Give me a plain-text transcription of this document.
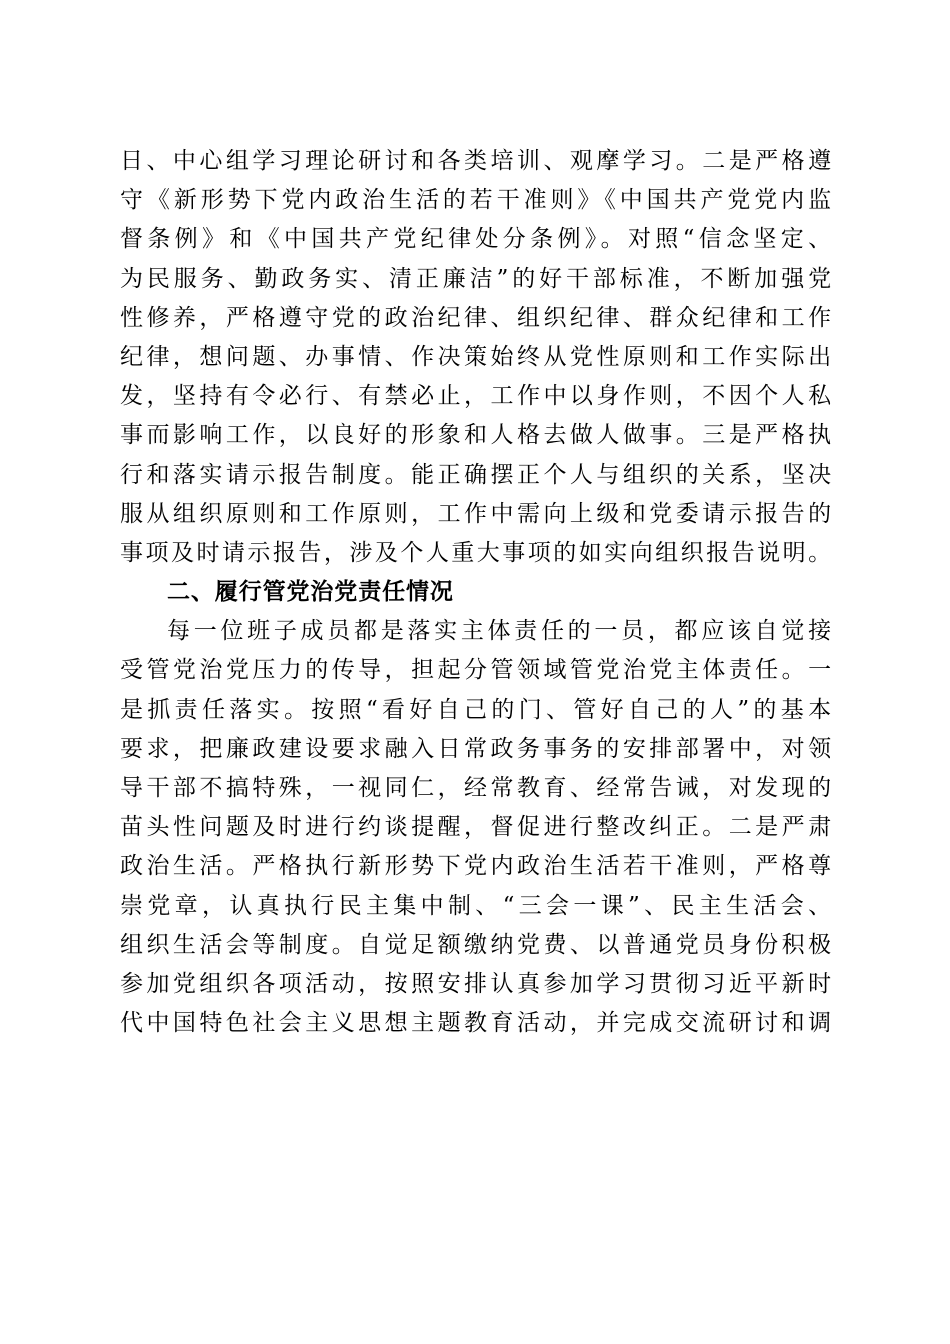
日、中心组学习理论研讨和各类培训、观摩学习。二是严格遵
守《新形势下党内政治生活的若干准则》《中国共产党党内监
督条例》和《中国共产党纪律处分条例》。对照“信念坚定、
为民服务、勤政务实、清正廉洁”的好干部标准，不断加强党
性修养，严格遵守党的政治纪律、组织纪律、群众纪律和工作
纪律，想问题、办事情、作决策始终从党性原则和工作实际出
发，坚持有令必行、有禁必止，工作中以身作则，不因个人私
事而影响工作，以良好的形象和人格去做人做事。三是严格执
行和落实请示报告制度。能正确摆正个人与组织的关系，坚决
服从组织原则和工作原则，工作中需向上级和党委请示报告的
事项及时请示报告，涉及个人重大事项的如实向组织报告说明。
二、履行管党治党责任情况
每一位班子成员都是落实主体责任的一员，都应该自觉接
受管党治党压力的传导，担起分管领域管党治党主体责任。一
是抓责任落实。按照“看好自己的门、管好自己的人”的基本
要求，把廉政建设要求融入日常政务事务的安排部署中，对领
导干部不搞特殊，一视同仁，经常教育、经常告诫，对发现的
苗头性问题及时进行约谈提醒，督促进行整改纠正。二是严肃
政治生活。严格执行新形势下党内政治生活若干准则，严格尊
崇党章，认真执行民主集中制、“三会一课”、民主生活会、
组织生活会等制度。自觉足额缴纳党费、以普通党员身份积极
参加党组织各项活动，按照安排认真参加学习贯彻习近平新时
代中国特色社会主义思想主题教育活动，并完成交流研讨和调
